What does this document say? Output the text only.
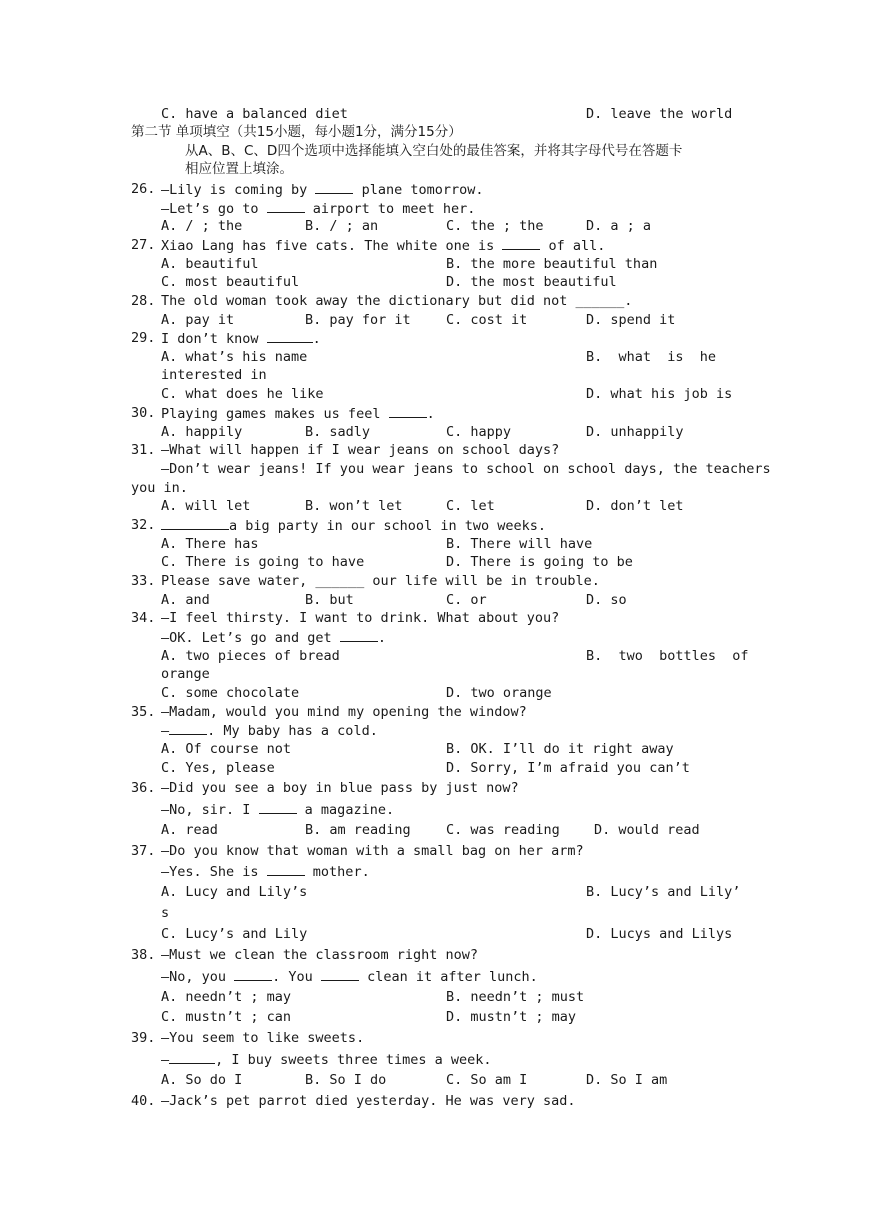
C. have a balanced diet	D. leave the world
第二节 单项填空（共15小题，每小题1分，满分15分）
从A、B、C、D四个选项中选择能填入空白处的最佳答案，并将其字母代号在答题卡
相应位置上填涂。
26. —Lily is coming by	plane tomorrow.
—Let’s go to	airport to meet her.
A. / ; the	B. / ; an	C. the ; the	D. a ; a
27. Xiao Lang has five cats. The white one is	of all.
A. beautiful	B. the more beautiful than
C. most beautiful	D. the most beautiful
28. The old woman took away the dictionary but did not ______.
A. pay it	B. pay for it	C. cost it	D. spend it
29. I don’t know	.
A. what’s his name	B.  what  is  he
interested in
C. what does he like	D. what his job is
30. Playing games makes us feel	.
A. happily	B. sadly	C. happy	D. unhappily
31. —What will happen if I wear jeans on school days?
—Don’t wear jeans! If you wear jeans to school on school days, the teachers
you in.
A. will let	B. won’t let	C. let	D. don’t let
32.	a big party in our school in two weeks.
A. There has	B. There will have
C. There is going to have	D. There is going to be
33. Please save water, ______ our life will be in trouble.
A. and	B. but	C. or	D. so
34. —I feel thirsty. I want to drink. What about you?
—OK. Let’s go and get	.
A. two pieces of bread	B.  two  bottles  of
orange
C. some chocolate	D. two orange
35. —Madam, would you mind my opening the window?
—	. My baby has a cold.
A. Of course not	B. OK. I’ll do it right away
C. Yes, please	D. Sorry, I’m afraid you can’t
36. —Did you see a boy in blue pass by just now?
—No, sir. I	a magazine.
A. read	B. am reading	C. was reading	D. would read
37. —Do you know that woman with a small bag on her arm?
—Yes. She is	mother.
A. Lucy and Lily’s	B. Lucy’s and Lily’
s
C. Lucy’s and Lily	D. Lucys and Lilys
38. —Must we clean the classroom right now?
—No, you	. You	clean it after lunch.
A. needn’t ; may	B. needn’t ; must
C. mustn’t ; can	D. mustn’t ; may
39. —You seem to like sweets.
—	, I buy sweets three times a week.
A. So do I	B. So I do	C. So am I	D. So I am
40. —Jack’s pet parrot died yesterday. He was very sad.
